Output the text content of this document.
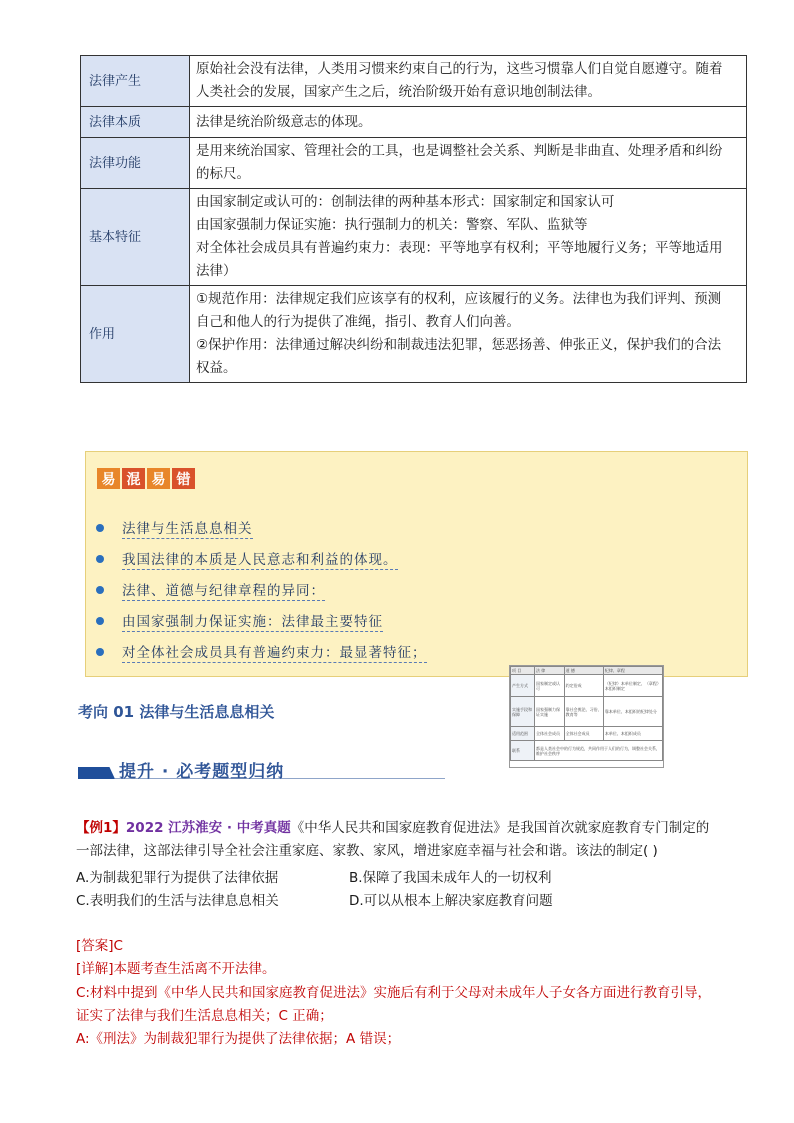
法律产生	原始社会没有法律，人类用习惯来约束自己的行为，这些习惯靠人们自觉自愿遵守。随着
人类社会的发展，国家产生之后，统治阶级开始有意识地创制法律。

法律本质	法律是统治阶级意志的体现。

法律功能	是用来统治国家、管理社会的工具，也是调整社会关系、判断是非曲直、处理矛盾和纠纷
的标尺。

基本特征	由国家制定或认可的：创制法律的两种基本形式：国家制定和国家认可
由国家强制力保证实施：执行强制力的机关：警察、军队、监狱等
对全体社会成员具有普遍约束力：表现：平等地享有权利；平等地履行义务；平等地适用
法律）

作用	①规范作用：法律规定我们应该享有的权利，应该履行的义务。法律也为我们评判、预测
自己和他人的行为提供了准绳，指引、教育人们向善。
②保护作用：法律通过解决纠纷和制裁违法犯罪，惩恶扬善、伸张正义，保护我们的合法
权益。
易 混 易 错
法律与生活息息相关
我国法律的本质是人民意志和利益的体现。
法律、道德与纪律章程的异同：
由国家强制力保证实施：法律最主要特征
对全体社会成员具有普遍约束力：最显著特征；
项 目	法 律	道 德	纪律、章程
产生方式	国家制定或认可	约定俗成	（纪律）本单位制定、（章程）本组织制定
实施手段和保障	国家强制力保证实施	靠社会舆论、习俗、教育等	靠本单位、本组织的纪律处分
适用范围	全体社会成员	全体社会成员	本单位、本组织成员
联系	都是人类社会中的行为规范，共同作用于人们的行为，调整社会关系，维护社会秩序		
考向 01 法律与生活息息相关
提升 · 必考题型归纳
【例1】2022 江苏淮安 · 中考真题《中华人民共和国家庭教育促进法》是我国首次就家庭教育专门制定的
一部法律，这部法律引导全社会注重家庭、家教、家风，增进家庭幸福与社会和谐。该法的制定( )
A.为制裁犯罪行为提供了法律依据	B.保障了我国未成年人的一切权利
C.表明我们的生活与法律息息相关	D.可以从根本上解决家庭教育问题
[答案]C
[详解]本题考查生活离不开法律。
C:材料中提到《中华人民共和国家庭教育促进法》实施后有利于父母对未成年人子女各方面进行教育引导，
证实了法律与我们生活息息相关；C 正确；
A:《刑法》为制裁犯罪行为提供了法律依据；A 错误；
